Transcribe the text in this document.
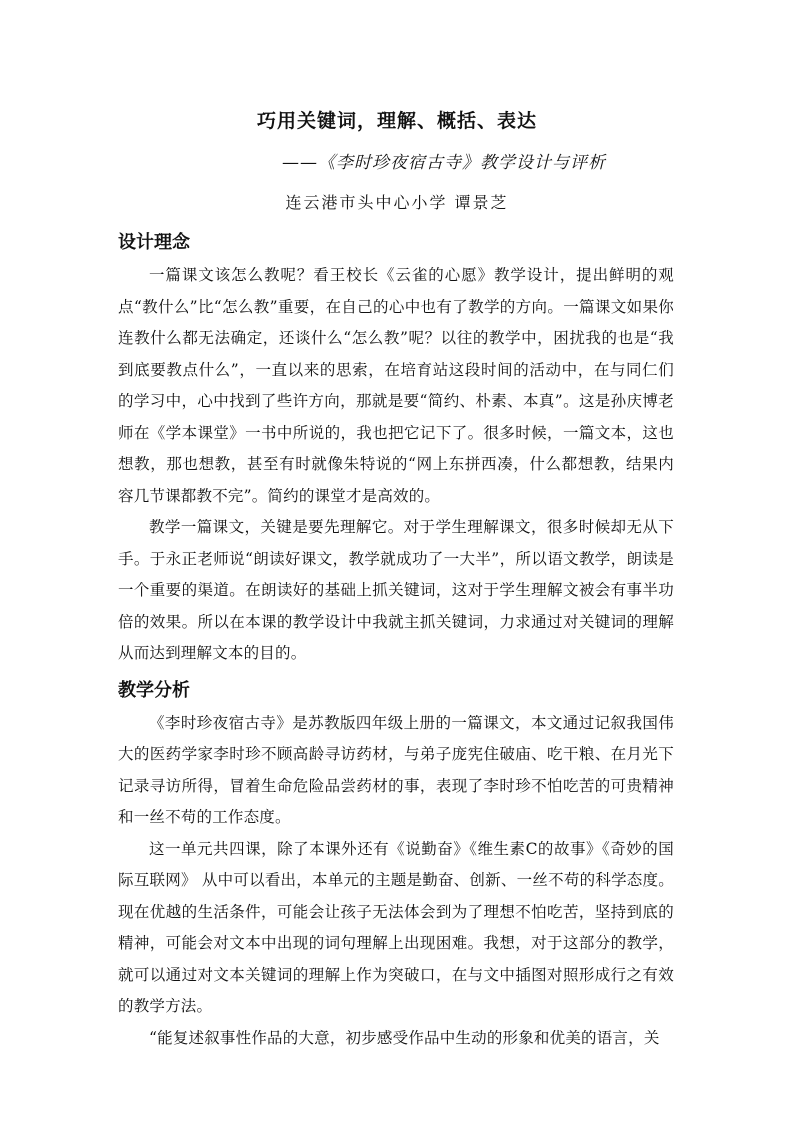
巧用关键词，理解、概括、表达
——《李时珍夜宿古寺》教学设计与评析
连云港市头中心小学 谭景芝
设计理念

一篇课文该怎么教呢？看王校长《云雀的心愿》教学设计，提出鲜明的观点“教什么”比“怎么教”重要，在自己的心中也有了教学的方向。一篇课文如果你连教什么都无法确定，还谈什么“怎么教”呢？以往的教学中，困扰我的也是“我到底要教点什么”，一直以来的思索，在培育站这段时间的活动中，在与同仁们的学习中，心中找到了些许方向，那就是要“简约、朴素、本真”。这是孙庆博老师在《学本课堂》一书中所说的，我也把它记下了。很多时候，一篇文本，这也想教，那也想教，甚至有时就像朱特说的“网上东拼西凑，什么都想教，结果内容几节课都教不完”。简约的课堂才是高效的。

教学一篇课文，关键是要先理解它。对于学生理解课文，很多时候却无从下手。于永正老师说“朗读好课文，教学就成功了一大半”，所以语文教学，朗读是一个重要的渠道。在朗读好的基础上抓关键词，这对于学生理解文被会有事半功倍的效果。所以在本课的教学设计中我就主抓关键词，力求通过对关键词的理解从而达到理解文本的目的。

教学分析

《李时珍夜宿古寺》是苏教版四年级上册的一篇课文，本文通过记叙我国伟大的医药学家李时珍不顾高龄寻访药材，与弟子庞宪住破庙、吃干粮、在月光下记录寻访所得，冒着生命危险品尝药材的事，表现了李时珍不怕吃苦的可贵精神和一丝不苟的工作态度。

这一单元共四课，除了本课外还有《说勤奋》《维生素C的故事》《奇妙的国际互联网》 从中可以看出，本单元的主题是勤奋、创新、一丝不苟的科学态度。现在优越的生活条件，可能会让孩子无法体会到为了理想不怕吃苦，坚持到底的精神，可能会对文本中出现的词句理解上出现困难。我想，对于这部分的教学，就可以通过对文本关键词的理解上作为突破口，在与文中插图对照形成行之有效的教学方法。

“能复述叙事性作品的大意，初步感受作品中生动的形象和优美的语言，关
